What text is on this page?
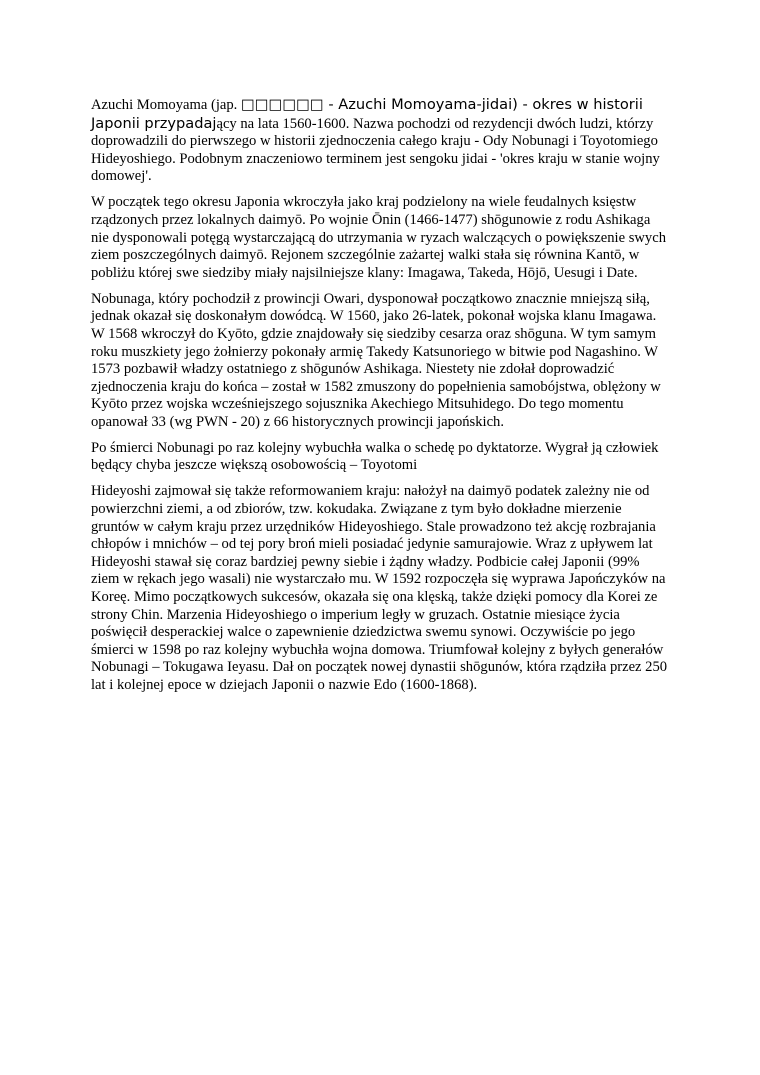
Azuchi Momoyama (jap. □□□□□□ - Azuchi Momoyama-jidai) - okres w historii Japonii przypadający na lata 1560-1600. Nazwa pochodzi od rezydencji dwóch ludzi, którzy doprowadzili do pierwszego w historii zjednoczenia całego kraju - Ody Nobunagi i Toyotomiego Hideyoshiego. Podobnym znaczeniowo terminem jest sengoku jidai - 'okres kraju w stanie wojny domowej'.

W początek tego okresu Japonia wkroczyła jako kraj podzielony na wiele feudalnych księstw rządzonych przez lokalnych daimyō. Po wojnie Ōnin (1466-1477) shōgunowie z rodu Ashikaga nie dysponowali potęgą wystarczającą do utrzymania w ryzach walczących o powiększenie swych ziem poszczególnych daimyō. Rejonem szczególnie zażartej walki stała się równina Kantō, w pobliżu której swe siedziby miały najsilniejsze klany: Imagawa, Takeda, Hōjō, Uesugi i Date.

Nobunaga, który pochodził z prowincji Owari, dysponował początkowo znacznie mniejszą siłą, jednak okazał się doskonałym dowódcą. W 1560, jako 26-latek, pokonał wojska klanu Imagawa. W 1568 wkroczył do Kyōto, gdzie znajdowały się siedziby cesarza oraz shōguna. W tym samym roku muszkiety jego żołnierzy pokonały armię Takedy Katsunoriego w bitwie pod Nagashino. W 1573 pozbawił władzy ostatniego z shōgunów Ashikaga. Niestety nie zdołał doprowadzić zjednoczenia kraju do końca – został w 1582 zmuszony do popełnienia samobójstwa, oblężony w Kyōto przez wojska wcześniejszego sojusznika Akechiego Mitsuhidego. Do tego momentu opanował 33 (wg PWN - 20) z 66 historycznych prowincji japońskich.

Po śmierci Nobunagi po raz kolejny wybuchła walka o schedę po dyktatorze. Wygrał ją człowiek będący chyba jeszcze większą osobowością – Toyotomi

Hideyoshi zajmował się także reformowaniem kraju: nałożył na daimyō podatek zależny nie od powierzchni ziemi, a od zbiorów, tzw. kokudaka. Związane z tym było dokładne mierzenie gruntów w całym kraju przez urzędników Hideyoshiego. Stale prowadzono też akcję rozbrajania chłopów i mnichów – od tej pory broń mieli posiadać jedynie samurajowie. Wraz z upływem lat Hideyoshi stawał się coraz bardziej pewny siebie i żądny władzy. Podbicie całej Japonii (99% ziem w rękach jego wasali) nie wystarczało mu. W 1592 rozpoczęła się wyprawa Japończyków na Koreę. Mimo początkowych sukcesów, okazała się ona klęską, także dzięki pomocy dla Korei ze strony Chin. Marzenia Hideyoshiego o imperium legły w gruzach. Ostatnie miesiące życia poświęcił desperackiej walce o zapewnienie dziedzictwa swemu synowi. Oczywiście po jego śmierci w 1598 po raz kolejny wybuchła wojna domowa. Triumfował kolejny z byłych generałów Nobunagi – Tokugawa Ieyasu. Dał on początek nowej dynastii shōgunów, która rządziła przez 250 lat i kolejnej epoce w dziejach Japonii o nazwie Edo (1600-1868).
